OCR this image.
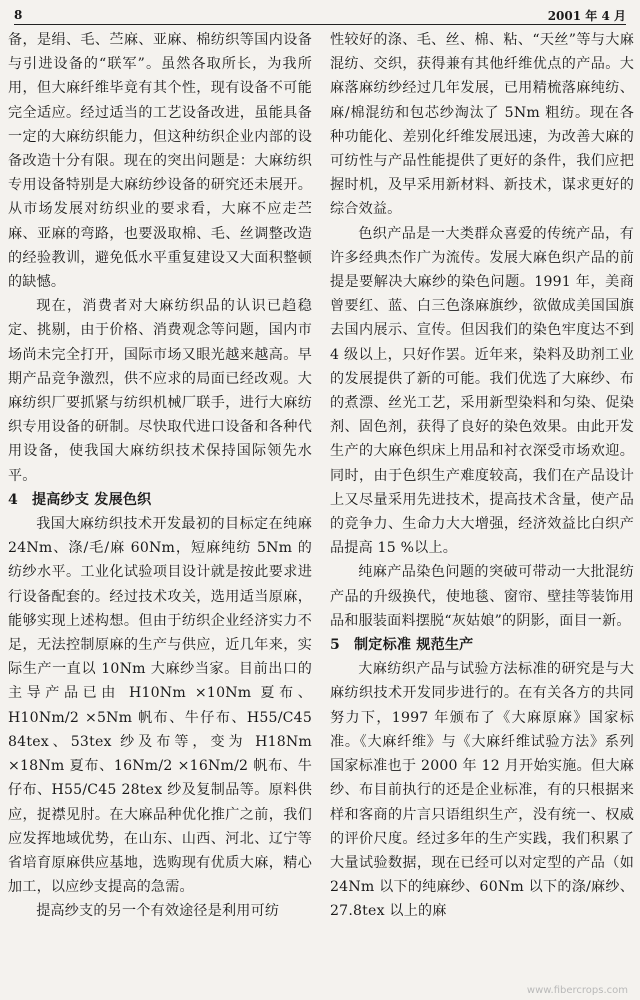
8	2001 年 4 月

备，是绢、毛、苎麻、亚麻、棉纺织等国内设备与引进设备的“联军”。虽然各取所长，为我所用，但大麻纤维毕竟有其个性，现有设备不可能完全适应。经过适当的工艺设备改进，虽能具备一定的大麻纺织能力，但这种纺织企业内部的设备改造十分有限。现在的突出问题是：大麻纺织专用设备特别是大麻纺纱设备的研究还未展开。从市场发展对纺织业的要求看，大麻不应走苎麻、亚麻的弯路，也要汲取棉、毛、丝调整改造的经验教训，避免低水平重复建设又大面积整顿的缺憾。

现在，消费者对大麻纺织品的认识已趋稳定、挑剔，由于价格、消费观念等问题，国内市场尚未完全打开，国际市场又眼光越来越高。早期产品竞争激烈，供不应求的局面已经改观。大麻纺织厂要抓紧与纺织机械厂联手，进行大麻纺织专用设备的研制。尽快取代进口设备和各种代用设备，使我国大麻纺织技术保持国际领先水平。

4 提高纱支 发展色织

我国大麻纺织技术开发最初的目标定在纯麻 24Nm、涤/毛/麻 60Nm，短麻纯纺 5Nm 的纺纱水平。工业化试验项目设计就是按此要求进行设备配套的。经过技术攻关，选用适当原麻，能够实现上述构想。但由于纺织企业经济实力不足，无法控制原麻的生产与供应，近几年来，实际生产一直以 10Nm 大麻纱当家。目前出口的主导产品已由 H10Nm ×10Nm 夏布、H10Nm/2 ×5Nm 帆布、牛仔布、H55/C45 84tex、53tex 纱及布等，变为 H18Nm ×18Nm 夏布、16Nm/2 ×16Nm/2 帆布、牛仔布、H55/C45 28tex 纱及复制品等。原料供应，捉襟见肘。在大麻品种优化推广之前，我们应发挥地域优势，在山东、山西、河北、辽宁等省培育原麻供应基地，选购现有优质大麻，精心加工，以应纱支提高的急需。

提高纱支的另一个有效途径是利用可纺

性较好的涤、毛、丝、棉、粘、“天丝”等与大麻混纺、交织，获得兼有其他纤维优点的产品。大麻落麻纺纱经过几年发展，已用精梳落麻纯纺、麻/棉混纺和包芯纱淘汰了 5Nm 粗纺。现在各种功能化、差别化纤维发展迅速，为改善大麻的可纺性与产品性能提供了更好的条件，我们应把握时机，及早采用新材料、新技术，谋求更好的综合效益。

色织产品是一大类群众喜爱的传统产品，有许多经典杰作广为流传。发展大麻色织产品的前提是要解决大麻纱的染色问题。1991 年，美商曾要红、蓝、白三色涤麻旗纱，欲做成美国国旗去国内展示、宣传。但因我们的染色牢度达不到 4 级以上，只好作罢。近年来，染料及助剂工业的发展提供了新的可能。我们优选了大麻纱、布的煮漂、丝光工艺，采用新型染料和匀染、促染剂、固色剂，获得了良好的染色效果。由此开发生产的大麻色织床上用品和衬衣深受市场欢迎。同时，由于色织生产难度较高，我们在产品设计上又尽量采用先进技术，提高技术含量，使产品的竞争力、生命力大大增强，经济效益比白织产品提高 15 %以上。

纯麻产品染色问题的突破可带动一大批混纺产品的升级换代，使地毯、窗帘、壁挂等装饰用品和服装面料摆脱“灰姑娘”的阴影，面目一新。

5 制定标准 规范生产

大麻纺织产品与试验方法标准的研究是与大麻纺织技术开发同步进行的。在有关各方的共同努力下，1997 年颁布了《大麻原麻》国家标准。《大麻纤维》与《大麻纤维试验方法》系列国家标准也于 2000 年 12 月开始实施。但大麻纱、布目前执行的还是企业标准，有的只根据来样和客商的片言只语组织生产，没有统一、权威的评价尺度。经过多年的生产实践，我们积累了大量试验数据，现在已经可以对定型的产品（如 24Nm 以下的纯麻纱、60Nm 以下的涤/麻纱、27.8tex 以上的麻

www.fibercrops.com
